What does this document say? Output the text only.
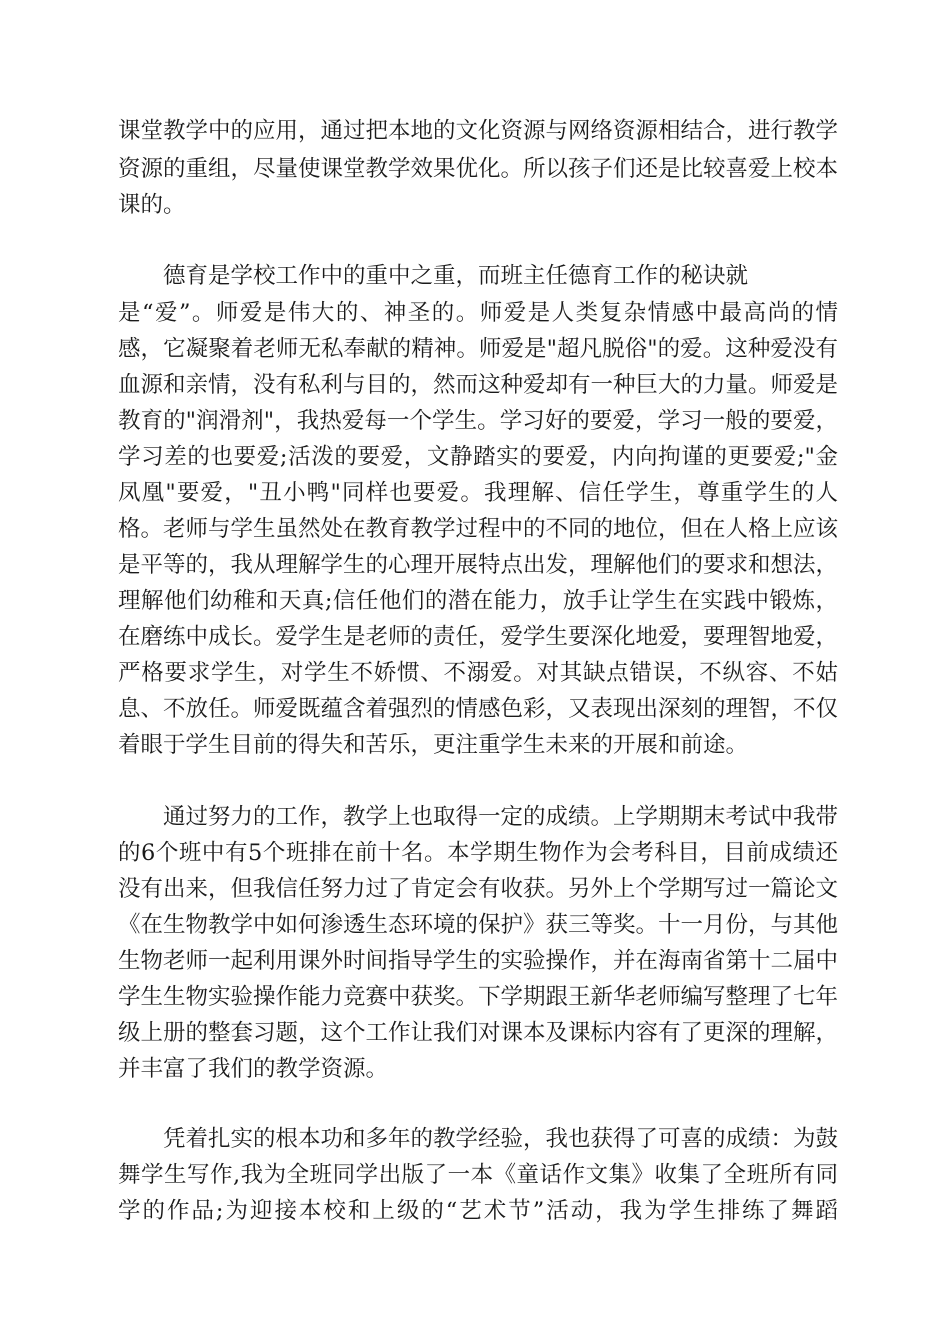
课堂教学中的应用，通过把本地的文化资源与网络资源相结合，进行教学
资源的重组，尽量使课堂教学效果优化。所以孩子们还是比较喜爱上校本
课的。
德育是学校工作中的重中之重，而班主任德育工作的秘诀就
是“爱”。师爱是伟大的、神圣的。师爱是人类复杂情感中最高尚的情
感，它凝聚着老师无私奉献的精神。师爱是"超凡脱俗"的爱。这种爱没有
血源和亲情，没有私利与目的，然而这种爱却有一种巨大的力量。师爱是
教育的"润滑剂"，我热爱每一个学生。学习好的要爱，学习一般的要爱，
学习差的也要爱;活泼的要爱，文静踏实的要爱，内向拘谨的更要爱;"金
凤凰"要爱，"丑小鸭"同样也要爱。我理解、信任学生，尊重学生的人
格。老师与学生虽然处在教育教学过程中的不同的地位，但在人格上应该
是平等的，我从理解学生的心理开展特点出发，理解他们的要求和想法，
理解他们幼稚和天真;信任他们的潜在能力，放手让学生在实践中锻炼，
在磨练中成长。爱学生是老师的责任，爱学生要深化地爱，要理智地爱，
严格要求学生，对学生不娇惯、不溺爱。对其缺点错误，不纵容、不姑
息、不放任。师爱既蕴含着强烈的情感色彩，又表现出深刻的理智，不仅
着眼于学生目前的得失和苦乐，更注重学生未来的开展和前途。
通过努力的工作，教学上也取得一定的成绩。上学期期末考试中我带
的6个班中有5个班排在前十名。本学期生物作为会考科目，目前成绩还
没有出来，但我信任努力过了肯定会有收获。另外上个学期写过一篇论文
《在生物教学中如何渗透生态环境的保护》获三等奖。十一月份，与其他
生物老师一起利用课外时间指导学生的实验操作，并在海南省第十二届中
学生生物实验操作能力竞赛中获奖。下学期跟王新华老师编写整理了七年
级上册的整套习题，这个工作让我们对课本及课标内容有了更深的理解，
并丰富了我们的教学资源。
凭着扎实的根本功和多年的教学经验，我也获得了可喜的成绩：为鼓
舞学生写作,我为全班同学出版了一本《童话作文集》收集了全班所有同
学的作品;为迎接本校和上级的“艺术节”活动，我为学生排练了舞蹈
